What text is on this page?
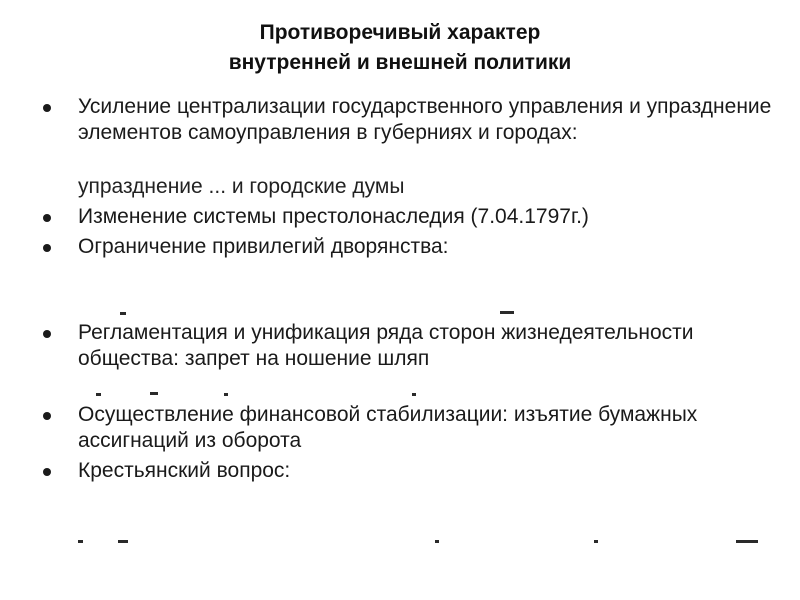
Противоречивый характер
внутренней и внешней политики
Усиление централизации государственного управления и упразднение элементов самоуправления в губерниях и городах:
Изменение системы престолонаследия (7.04.1797г.)
Ограничение привилегий дворянства:
Регламентация и унификация ряда сторон жизнедеятельности общества: запрет на ношение шляп
Осуществление финансовой стабилизации: изъятие бумажных ассигнаций из оборота
Крестьянский вопрос:
упразднение ... и городские думы
